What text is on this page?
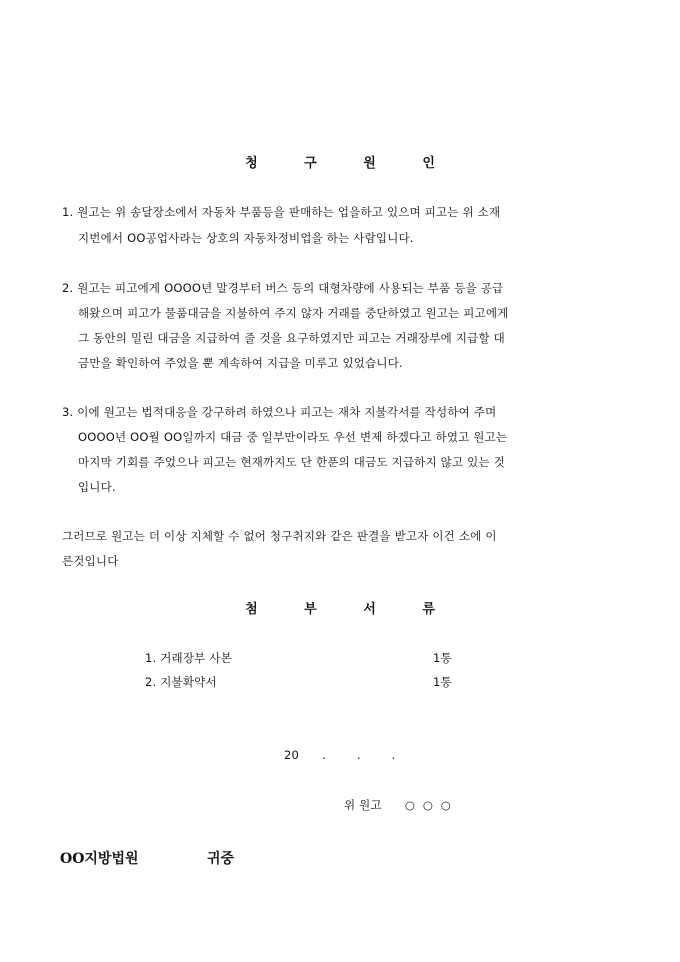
청	구	원	인
1. 원고는 위 송달장소에서 자동차 부품등을 판매하는 업을하고 있으며 피고는 위 소재
지번에서 OO공업사라는 상호의 자동차정비업을 하는 사람입니다.
2. 원고는 피고에게 OOOO년 말경부터 버스 등의 대형차량에 사용되는 부품 등을 공급
해왔으며 피고가 물품대금을 지불하여 주지 않자 거래를 중단하였고 원고는 피고에게
그 동안의 밀린 대금을 지급하여 줄 것을 요구하였지만 피고는 거래장부에 지급할 대
금만을 확인하여 주었을 뿐 계속하여 지급을 미루고 있었습니다.
3. 이에 원고는 법적대응을 강구하려 하였으나 피고는 재차 지불각서를 작성하여 주며
OOOO년 OO월 OO일까지 대금 중 일부만이라도 우선 변제 하겠다고 하였고 원고는
마지막 기회를 주었으나 피고는 현재까지도 단 한푼의 대금도 지급하지 않고 있는 것
입니다.
그러므로 원고는 더 이상 지체할 수 없어 청구취지와 같은 판결을 받고자 이건 소에 이
른것입니다
첨	부	서	류
1. 거래장부 사본	1통
2. 지불확약서	1통
20      .        .        .
위 원고      ○  ○  ○
OO지방법원	귀중
